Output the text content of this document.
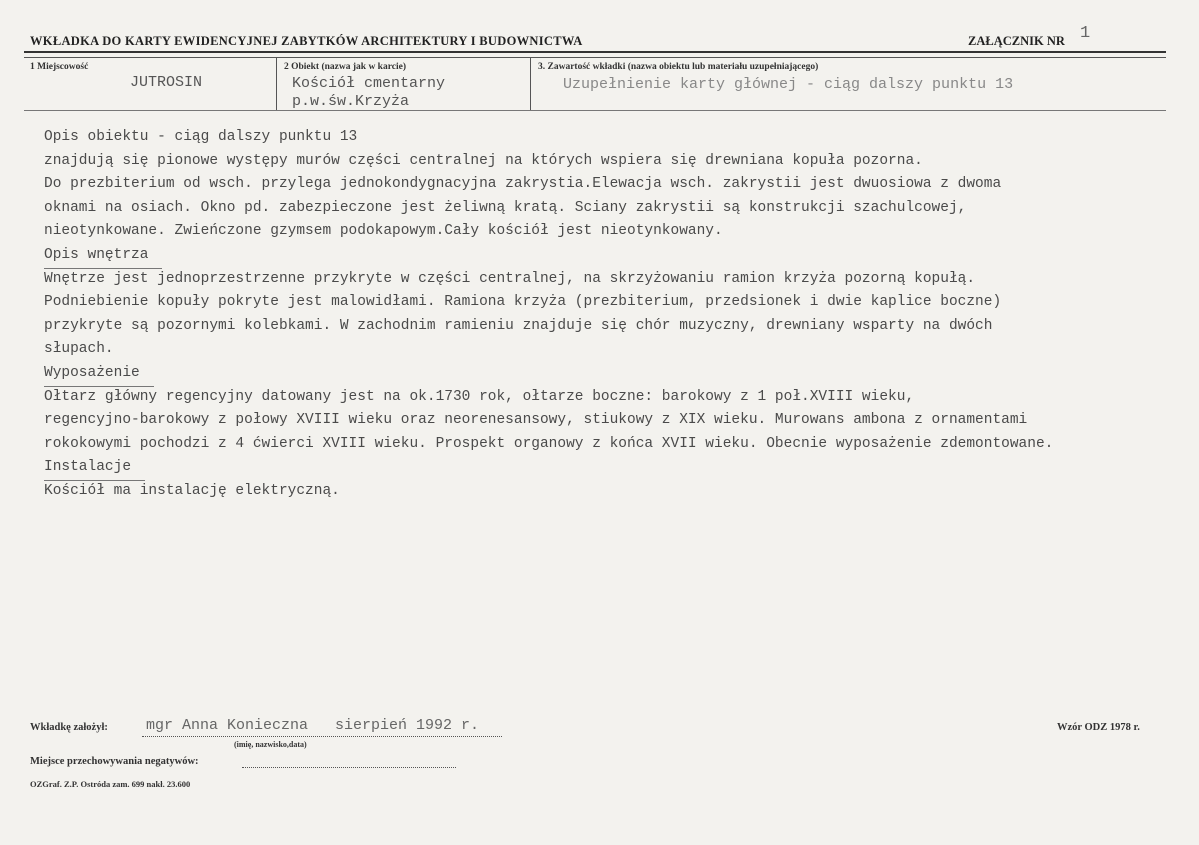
WKŁADKA DO KARTY EWIDENCYJNEJ ZABYTKÓW ARCHITEKTURY I BUDOWNICTWA	ZAŁĄCZNIK NR 1
1 Miejscowość
JUTROSIN
2 Obiekt (nazwa jak w karcie)
Kościół cmentarny
p.w.św.Krzyża
3. Zawartość wkładki (nazwa obiektu lub materiału uzupełniającego)
Uzupełnienie karty głównej - ciąg dalszy punktu 13
Opis obiektu - ciąg dalszy punktu 13
znajdują się pionowe występy murów części centralnej na których wspiera się drewniana kopuła pozorna.
Do prezbiterium od wsch. przylega jednokondygnacyjna zakrystia.Elewacja wsch. zakrystii jest dwuosiowa z dwoma
oknami na osiach. Okno pd. zabezpieczone jest żeliwną kratą. Sciany zakrystii są konstrukcji szachulcowej,
nieotynkowane. Zwieńczone gzymsem podokapowym.Cały kościół jest nieotynkowany.
Opis wnętrza
Wnętrze jest jednoprzestrzenne przykryte w części centralnej, na skrzyżowaniu ramion krzyża pozorną kopułą.
Podniebienie kopuły pokryte jest malowidłami. Ramiona krzyża (prezbiterium, przedsionek i dwie kaplice boczne)
przykryte są pozornymi kolebkami. W zachodnim ramieniu znajduje się chór muzyczny, drewniany wsparty na dwóch
słupach.
Wyposażenie
Ołtarz główny regencyjny datowany jest na ok.1730 rok, ołtarze boczne: barokowy z 1 poł.XVIII wieku,
regencyjno-barokowy z połowy XVIII wieku oraz neorenesansowy, stiukowy z XIX wieku. Murowans ambona z ornamentami
rokokowymi pochodzi z 4 ćwierci XVIII wieku. Prospekt organowy z końca XVII wieku. Obecnie wyposażenie zdemontowane.
Instalacje
Kościół ma instalację elektryczną.
Wkładkę założył:	mgr Anna Konieczna   sierpień 1992 r.
(imię, nazwisko,data)
Wzór ODZ 1978 r.
Miejsce przechowywania negatywów:
OZGraf. Z.P. Ostróda zam. 699 nakł. 23.600
